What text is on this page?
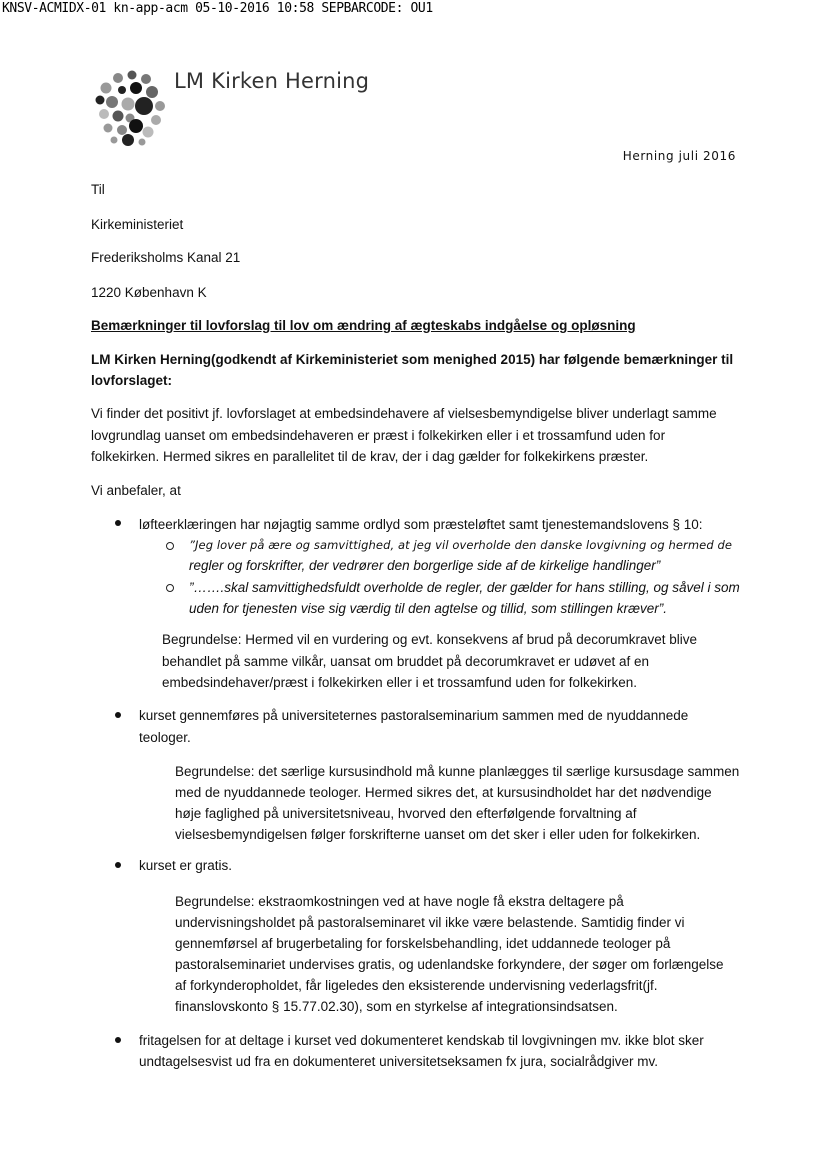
KNSV-ACMIDX-01 kn-app-acm 05-10-2016 10:58 SEPBARCODE: OU1
LM Kirken Herning
Herning juli 2016
Til
Kirkeministeriet
Frederiksholms Kanal 21
1220 København K
Bemærkninger til lovforslag til lov om ændring af ægteskabs indgåelse og opløsning
LM Kirken Herning(godkendt af Kirkeministeriet som menighed 2015) har følgende bemærkninger til
lovforslaget:
Vi finder det positivt jf. lovforslaget at embedsindehavere af vielsesbemyndigelse bliver underlagt samme
lovgrundlag uanset om embedsindehaveren er præst i folkekirken eller i et trossamfund uden for
folkekirken. Hermed sikres en parallelitet til de krav, der i dag gælder for folkekirkens præster.
Vi anbefaler, at
løfteerklæringen har nøjagtig samme ordlyd som præsteløftet samt tjenestemandslovens § 10:
”Jeg lover på ære og samvittighed, at jeg vil overholde den danske lovgivning og hermed de
regler og forskrifter, der vedrører den borgerlige side af de kirkelige handlinger”
”…….skal samvittighedsfuldt overholde de regler, der gælder for hans stilling, og såvel i som
uden for tjenesten vise sig værdig til den agtelse og tillid, som stillingen kræver”.
Begrundelse: Hermed vil en vurdering og evt. konsekvens af brud på decorumkravet blive
behandlet på samme vilkår, uansat om bruddet på decorumkravet er udøvet af en
embedsindehaver/præst i folkekirken eller i et trossamfund uden for folkekirken.
kurset gennemføres på universiteternes pastoralseminarium sammen med de nyuddannede
teologer.
Begrundelse: det særlige kursusindhold må kunne planlægges til særlige kursusdage sammen
med de nyuddannede teologer. Hermed sikres det, at kursusindholdet har det nødvendige
høje faglighed på universitetsniveau, hvorved den efterfølgende forvaltning af
vielsesbemyndigelsen følger forskrifterne uanset om det sker i eller uden for folkekirken.
kurset er gratis.
Begrundelse: ekstraomkostningen ved at have nogle få ekstra deltagere på
undervisningsholdet på pastoralseminaret vil ikke være belastende. Samtidig finder vi
gennemførsel af brugerbetaling for forskelsbehandling, idet uddannede teologer på
pastoralseminariet undervises gratis, og udenlandske forkyndere, der søger om forlængelse
af forkynderopholdet, får ligeledes den eksisterende undervisning vederlagsfrit(jf.
finanslovskonto § 15.77.02.30), som en styrkelse af integrationsindsatsen.
fritagelsen for at deltage i kurset ved dokumenteret kendskab til lovgivningen mv. ikke blot sker
undtagelsesvist ud fra en dokumenteret universitetseksamen fx jura, socialrådgiver mv.
